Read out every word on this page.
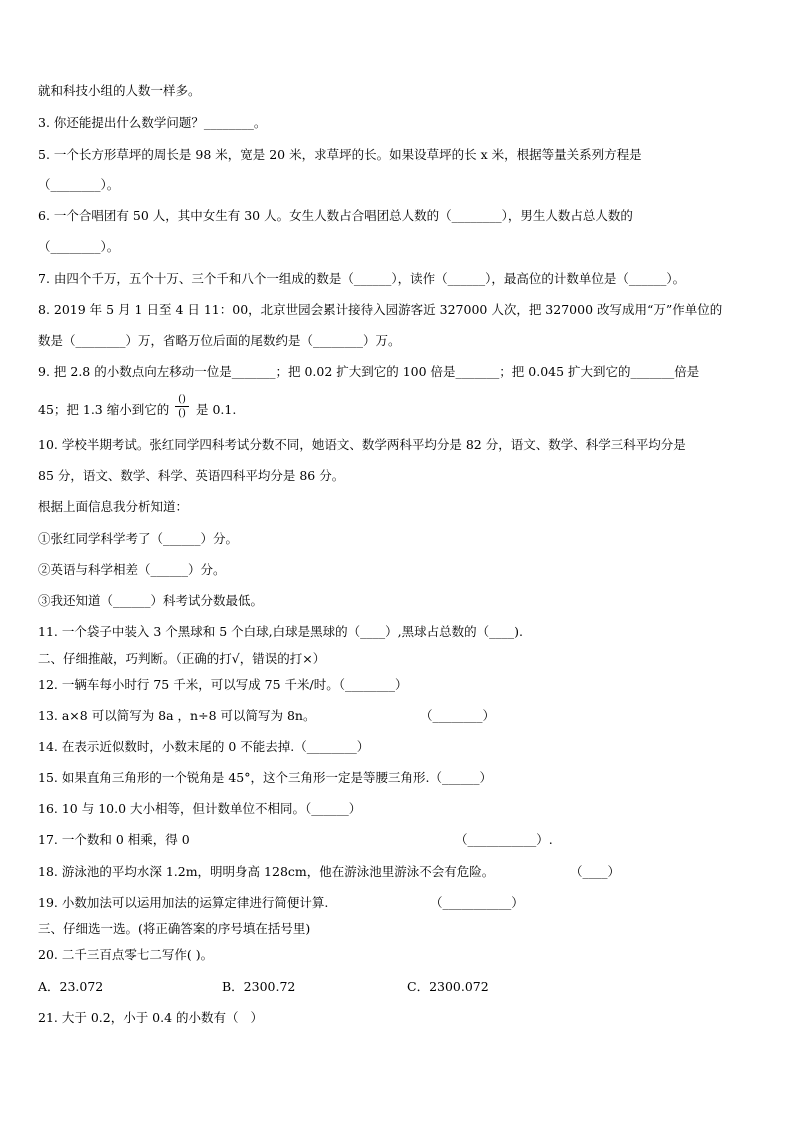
就和科技小组的人数一样多。
3. 你还能提出什么数学问题？________。
5. 一个长方形草坪的周长是 98 米，宽是 20 米，求草坪的长。如果设草坪的长 x 米，根据等量关系列方程是
（________）。
6. 一个合唱团有 50 人，其中女生有 30 人。女生人数占合唱团总人数的（________），男生人数占总人数的
（________）。
7. 由四个千万，五个十万、三个千和八个一组成的数是（______），读作（______），最高位的计数单位是（______）。
8. 2019 年 5 月 1 日至 4 日 11：00，北京世园会累计接待入园游客近 327000 人次，把 327000 改写成用“万”作单位的
数是（________）万，省略万位后面的尾数约是（________）万。
9. 把 2.8 的小数点向左移动一位是_______；把 0.02 扩大到它的 100 倍是_______；把 0.045 扩大到它的_______倍是
45；把 1.3 缩小到它的
()
() 是 0.1.
10. 学校半期考试。张红同学四科考试分数不同，她语文、数学两科平均分是 82 分，语文、数学、科学三科平均分是
85 分，语文、数学、科学、英语四科平均分是 86 分。
根据上面信息我分析知道：
①张红同学科学考了（______）分。
②英语与科学相差（______）分。
③我还知道（______）科考试分数最低。
11. 一个袋子中装入 3 个黑球和 5 个白球,白球是黑球的（____）,黑球占总数的（____).
二、仔细推敲，巧判断。（正确的打√，错误的打×）
12. 一辆车每小时行 75 千米，可以写成 75 千米/时。（________）
13. a×8 可以简写为 8a ，n÷8 可以简写为 8n。	（________）
14. 在表示近似数时，小数末尾的 0 不能去掉.（________）
15. 如果直角三角形的一个锐角是 45°，这个三角形一定是等腰三角形.（______）
16. 10 与 10.0 大小相等，但计数单位不相同。（______）
17. 一个数和 0 相乘，得 0	（___________）.
18. 游泳池的平均水深 1.2m，明明身高 128cm，他在游泳池里游泳不会有危险。	（____）
19. 小数加法可以运用加法的运算定律进行简便计算.	（___________）
三、仔细选一选。(将正确答案的序号填在括号里)
20. 二千三百点零七二写作( )。
A．23.072	B．2300.72	C．2300.072
21. 大于 0.2，小于 0.4 的小数有（   ）
